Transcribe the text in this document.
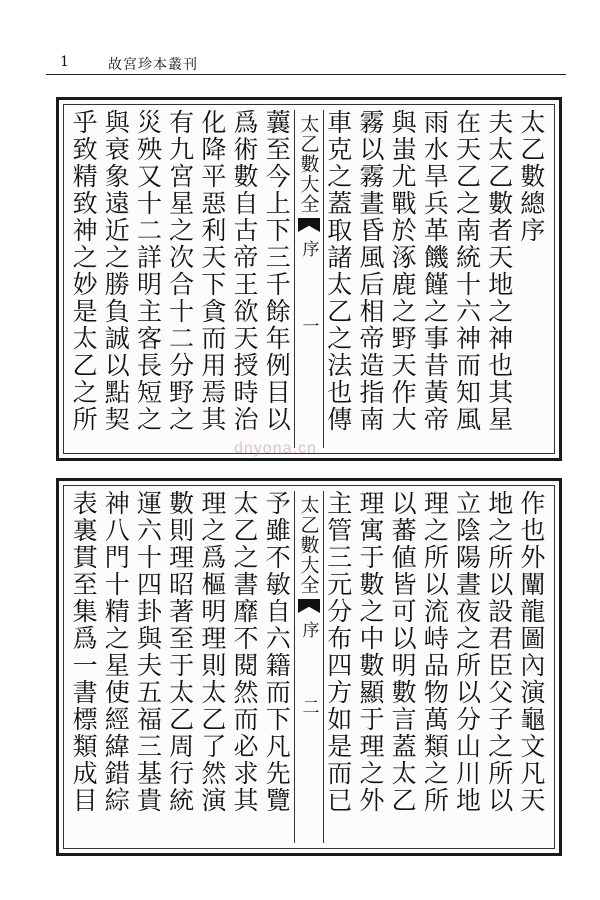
1	故宮珍本叢刊
太
乙
數
總
序
夫
太
乙
數
者
天
地
之
神
也
其
星
在
天
乙
之
南
統
十
六
神
而
知
風
雨
水
旱
兵
革
饑
饉
之
事
昔
黃
帝
與
蚩
尤
戰
於
涿
鹿
之
野
天
作
大
霧
以
霧
晝
昏
風
后
相
帝
造
指
南
車
克
之
蓋
取
諸
太
乙
之
法
也
傳
太乙數大全
序
一
蘘
至
今
上
下
三
千
餘
年
例
目
以
爲
術
數
自
古
帝
王
欲
天
授
時
治
化
降
平
惡
利
天
下
貪
而
用
焉
其
有
九
宮
星
之
次
合
十
二
分
野
之
災
殃
又
十
二
詳
明
主
客
長
短
之
與
衰
象
遠
近
之
勝
負
誠
以
點
契
乎
致
精
致
神
之
妙
是
太
乙
之
所
作
也
外
闡
龍
圖
內
演
龜
文
凡
天
地
之
所
以
設
君
臣
父
子
之
所
以
立
陰
陽
晝
夜
之
所
以
分
山
川
地
理
之
所
以
流
峙
品
物
萬
類
之
所
以
蕃
値
皆
可
以
明
數
言
蓋
太
乙
理
寓
于
數
之
中
數
顯
于
理
之
外
主
管
三
元
分
布
四
方
如
是
而
已
太乙數大全
序
二
予
雖
不
敏
自
六
籍
而
下
凡
先
覽
太
乙
之
書
靡
不
閱
然
而
必
求
其
理
之
爲
樞
明
理
則
太
乙
了
然
演
數
則
理
昭
著
至
于
太
乙
周
行
統
運
六
十
四
卦
與
夫
五
福
三
基
貴
神
八
門
十
精
之
星
使
經
緯
錯
綜
表
裏
貫
至
集
爲
一
書
標
類
成
目
dnyona.cn
